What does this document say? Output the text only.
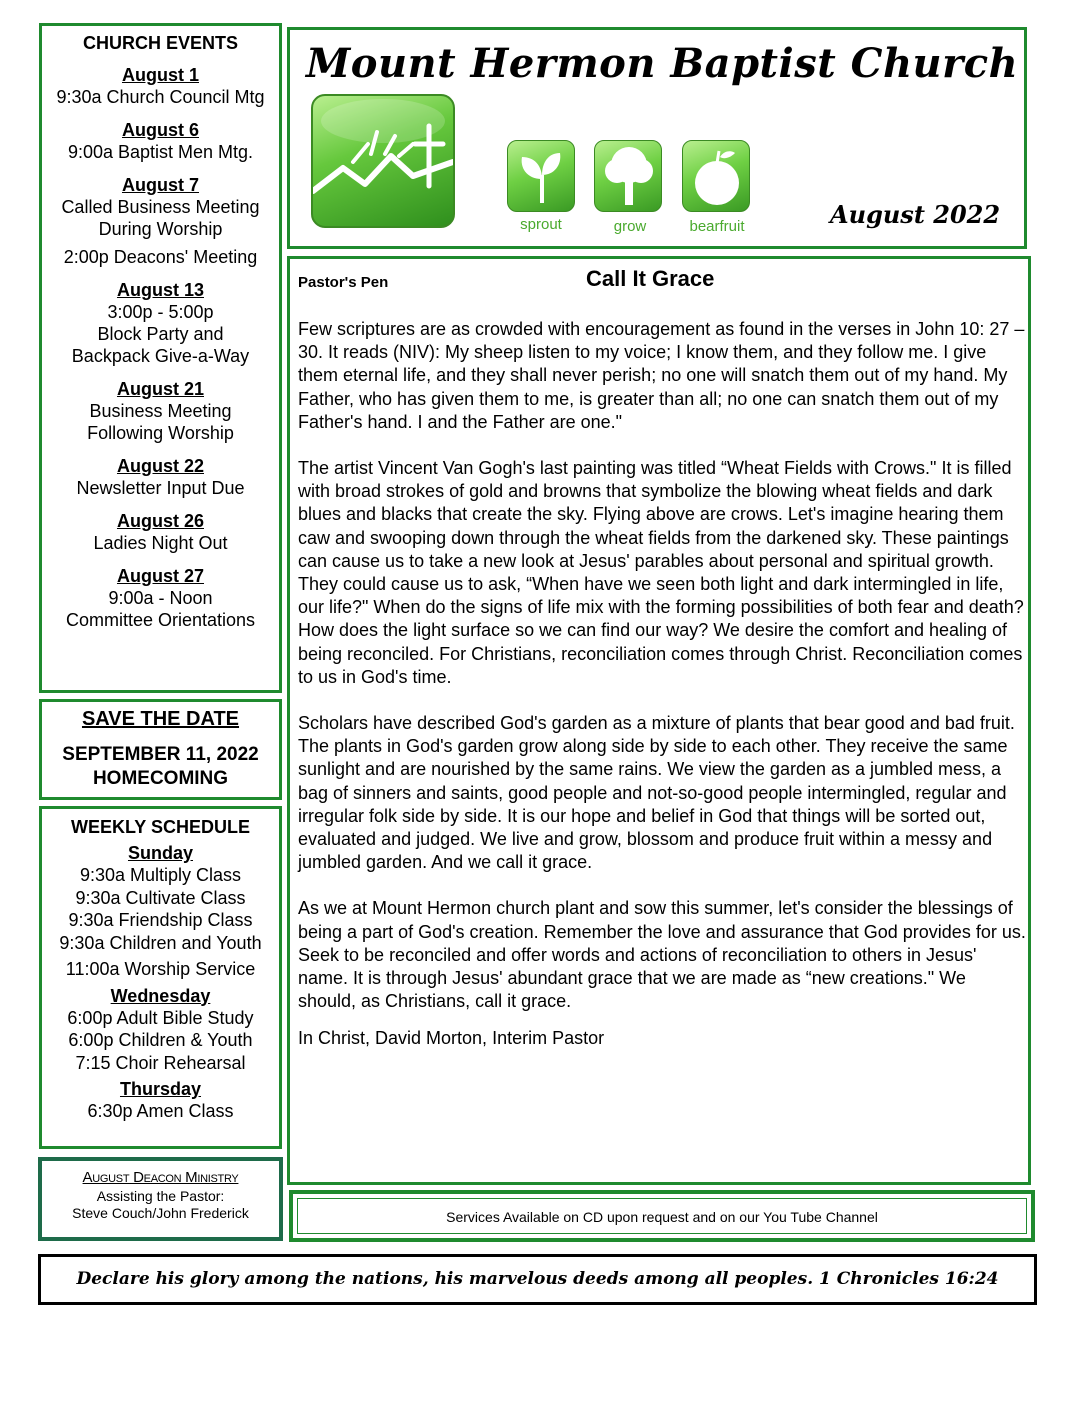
CHURCH EVENTS
August 1
9:30a Church Council Mtg
August 6
9:00a Baptist Men Mtg.
August 7
Called Business Meeting
During Worship
2:00p Deacons' Meeting
August 13
3:00p - 5:00p
Block Party and
Backpack Give-a-Way
August 21
Business Meeting
Following Worship
August 22
Newsletter Input Due
August 26
Ladies Night Out
August 27
9:00a - Noon
Committee Orientations
SAVE THE DATE
SEPTEMBER 11, 2022
HOMECOMING
WEEKLY SCHEDULE
Sunday
9:30a Multiply Class
9:30a Cultivate Class
9:30a Friendship Class
9:30a Children and Youth
11:00a Worship Service
Wednesday
6:00p Adult Bible Study
6:00p Children & Youth
7:15 Choir Rehearsal
Thursday
6:30p Amen Class
August Deacon Ministry
Assisting the Pastor:
Steve Couch/John Frederick
Mount Hermon Baptist Church
sprout	grow	bearfruit	August 2022
Pastor's Pen	Call It Grace

Few scriptures are as crowded with encouragement as found in the verses in John 10: 27 – 30. It reads (NIV): My sheep listen to my voice; I know them, and they follow me. I give them eternal life, and they shall never perish; no one will snatch them out of my hand. My Father, who has given them to me, is greater than all; no one can snatch them out of my Father's hand. I and the Father are one."

The artist Vincent Van Gogh's last painting was titled “Wheat Fields with Crows." It is filled with broad strokes of gold and browns that symbolize the blowing wheat fields and dark blues and blacks that create the sky. Flying above are crows. Let's imagine hearing them caw and swooping down through the wheat fields from the darkened sky. These paintings can cause us to take a new look at Jesus' parables about personal and spiritual growth. They could cause us to ask, “When have we seen both light and dark intermingled in life, our life?" When do the signs of life mix with the forming possibilities of both fear and death? How does the light surface so we can find our way? We desire the comfort and healing of being reconciled. For Christians, reconciliation comes through Christ. Reconciliation comes to us in God's time.

Scholars have described God's garden as a mixture of plants that bear good and bad fruit. The plants in God's garden grow along side by side to each other. They receive the same sunlight and are nourished by the same rains. We view the garden as a jumbled mess, a bag of sinners and saints, good people and not-so-good people intermingled, regular and irregular folk side by side. It is our hope and belief in God that things will be sorted out, evaluated and judged. We live and grow, blossom and produce fruit within a messy and jumbled garden. And we call it grace.

As we at Mount Hermon church plant and sow this summer, let's consider the blessings of being a part of God's creation. Remember the love and assurance that God provides for us. Seek to be reconciled and offer words and actions of reconciliation to others in Jesus' name. It is through Jesus' abundant grace that we are made as “new creations." We should, as Christians, call it grace.

In Christ, David Morton, Interim Pastor

Services Available on CD upon request and on our You Tube Channel
Declare his glory among the nations, his marvelous deeds among all peoples. 1 Chronicles 16:24
